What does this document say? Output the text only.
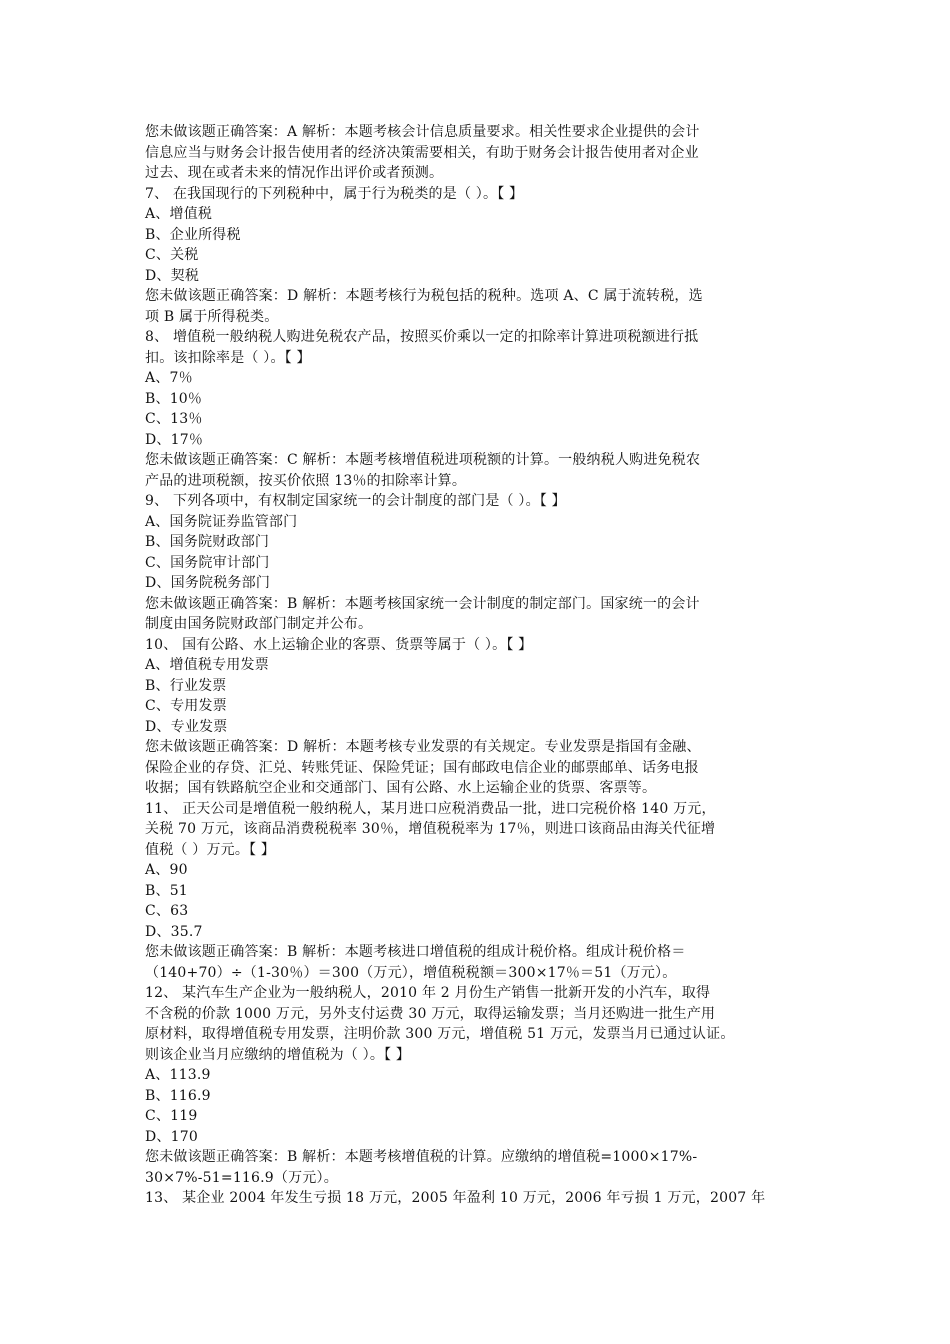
您未做该题正确答案：A 解析：本题考核会计信息质量要求。相关性要求企业提供的会计
信息应当与财务会计报告使用者的经济决策需要相关，有助于财务会计报告使用者对企业
过去、现在或者未来的情况作出评价或者预测。
7、 在我国现行的下列税种中，属于行为税类的是（ ）。【 】
A、增值税
B、企业所得税
C、关税
D、契税
您未做该题正确答案：D 解析：本题考核行为税包括的税种。选项 A、C 属于流转税，选
项 B 属于所得税类。
8、 增值税一般纳税人购进免税农产品，按照买价乘以一定的扣除率计算进项税额进行抵
扣。该扣除率是（ ）。【 】
A、7％
B、10％
C、13％
D、17％
您未做该题正确答案：C 解析：本题考核增值税进项税额的计算。一般纳税人购进免税农
产品的进项税额，按买价依照 13％的扣除率计算。
9、 下列各项中，有权制定国家统一的会计制度的部门是（ ）。【 】
A、国务院证券监管部门
B、国务院财政部门
C、国务院审计部门
D、国务院税务部门
您未做该题正确答案：B 解析：本题考核国家统一会计制度的制定部门。国家统一的会计
制度由国务院财政部门制定并公布。
10、 国有公路、水上运输企业的客票、货票等属于（ ）。【 】
A、增值税专用发票
B、行业发票
C、专用发票
D、专业发票
您未做该题正确答案：D 解析：本题考核专业发票的有关规定。专业发票是指国有金融、
保险企业的存贷、汇兑、转账凭证、保险凭证；国有邮政电信企业的邮票邮单、话务电报
收据；国有铁路航空企业和交通部门、国有公路、水上运输企业的货票、客票等。
11、 正天公司是增值税一般纳税人，某月进口应税消费品一批，进口完税价格 140 万元，
关税 70 万元，该商品消费税税率 30％，增值税税率为 17％，则进口该商品由海关代征增
值税（ ）万元。【 】
A、90
B、51
C、63
D、35.7
您未做该题正确答案：B 解析：本题考核进口增值税的组成计税价格。组成计税价格＝
（140+70）÷（1-30％）＝300（万元），增值税税额＝300×17％＝51（万元）。
12、 某汽车生产企业为一般纳税人，2010 年 2 月份生产销售一批新开发的小汽车，取得
不含税的价款 1000 万元，另外支付运费 30 万元，取得运输发票；当月还购进一批生产用
原材料，取得增值税专用发票，注明价款 300 万元，增值税 51 万元，发票当月已通过认证。
则该企业当月应缴纳的增值税为（ ）。【 】
A、113.9
B、116.9
C、119
D、170
您未做该题正确答案：B 解析：本题考核增值税的计算。应缴纳的增值税=1000×17%-
30×7%-51=116.9（万元）。
13、 某企业 2004 年发生亏损 18 万元，2005 年盈利 10 万元，2006 年亏损 1 万元，2007 年
